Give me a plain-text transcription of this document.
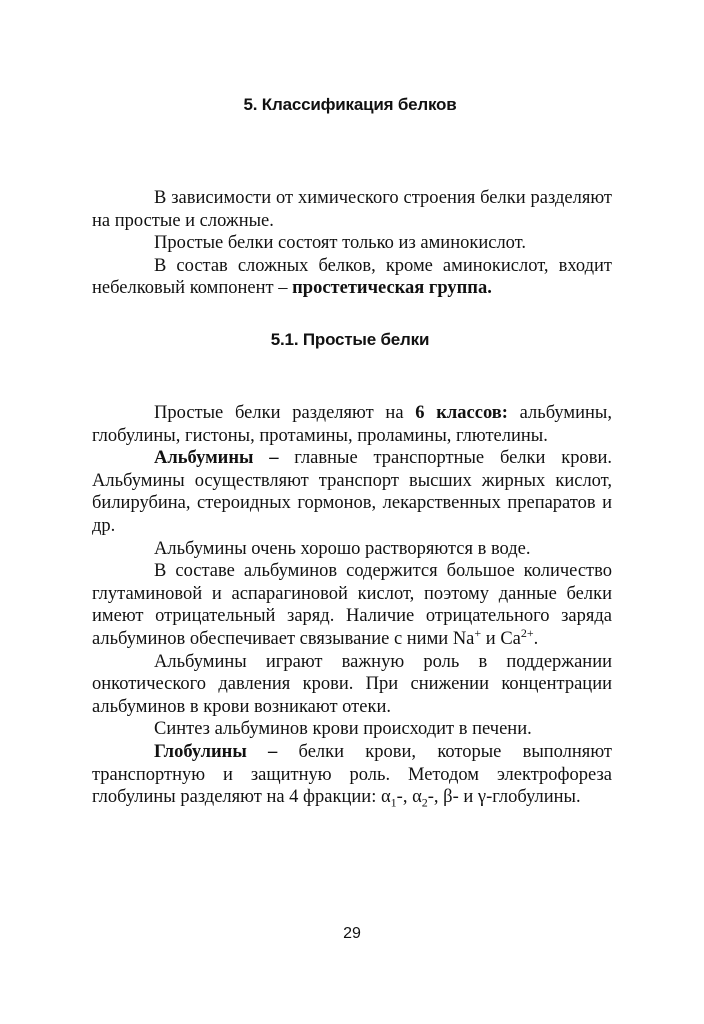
5. Классификация белков

В зависимости от химического строения белки разделяют на простые и сложные.

Простые белки состоят только из аминокислот.

В состав сложных белков, кроме аминокислот, входит небелковый компонент – простетическая группа.

5.1. Простые белки

Простые белки разделяют на 6 классов: альбумины, глобулины, гистоны, протамины, проламины, глютелины.

Альбумины – главные транспортные белки крови. Альбумины осуществляют транспорт высших жирных кислот, билирубина, стероидных гормонов, лекарственных препаратов и др.

Альбумины очень хорошо растворяются в воде.

В составе альбуминов содержится большое количество глутаминовой и аспарагиновой кислот, поэтому данные белки имеют отрицательный заряд. Наличие отрицательного заряда альбуминов обеспечивает связывание с ними Na+ и $Ca^{2+}$.

Альбумины играют важную роль в поддержании онкотического давления крови. При снижении концентрации альбуминов в крови возникают отеки.

Синтез альбуминов крови происходит в печени.

Глобулины – белки крови, которые выполняют транспортную и защитную роль. Методом электрофореза глобулины разделяют на 4 фракции: $\alpha_1-$, $\alpha_2-$, β- и γ-глобулины.

29
